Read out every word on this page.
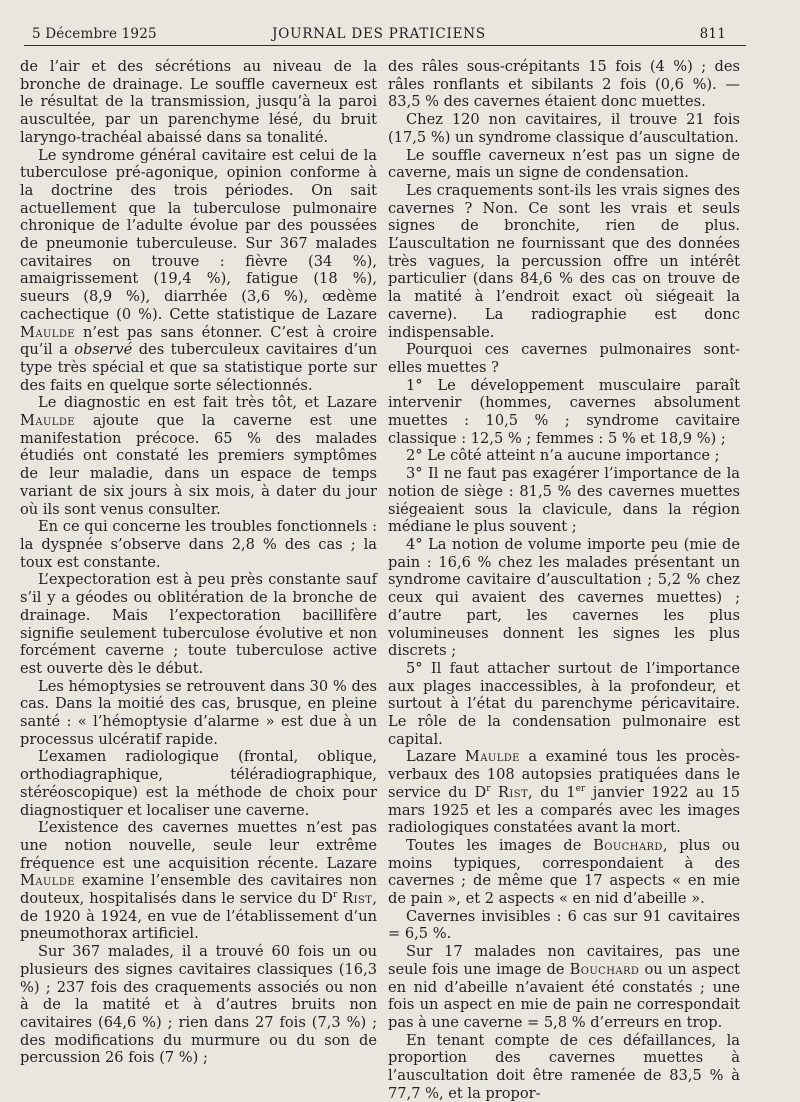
5 Décembre 1925	JOURNAL DES PRATICIENS	811

de l’air et des sécrétions au niveau de la bronche de drainage. Le souffle caverneux est le résultat de la transmission, jusqu’à la paroi auscultée, par un parenchyme lésé, du bruit laryngo-trachéal abaissé dans sa tonalité.

Le syndrome général cavitaire est celui de la tuberculose pré-agonique, opinion conforme à la doctrine des trois périodes. On sait actuellement que la tuberculose pulmonaire chronique de l’adulte évolue par des poussées de pneumonie tuberculeuse. Sur 367 malades cavitaires on trouve : fièvre (34 %), amaigrissement (19,4 %), fatigue (18 %), sueurs (8,9 %), diarrhée (3,6 %), œdème cachectique (0 %). Cette statistique de Lazare Maulde n’est pas sans étonner. C’est à croire qu’il a observé des tuberculeux cavitaires d’un type très spécial et que sa statistique porte sur des faits en quelque sorte sélectionnés.

Le diagnostic en est fait très tôt, et Lazare Maulde ajoute que la caverne est une manifestation précoce. 65 % des malades étudiés ont constaté les premiers symptômes de leur maladie, dans un espace de temps variant de six jours à six mois, à dater du jour où ils sont venus consulter.

En ce qui concerne les troubles fonctionnels : la dyspnée s’observe dans 2,8 % des cas ; la toux est constante.

L’expectoration est à peu près constante sauf s’il y a géodes ou oblitération de la bronche de drainage. Mais l’expectoration bacillifère signifie seulement tuberculose évolutive et non forcément caverne ; toute tuberculose active est ouverte dès le début.

Les hémoptysies se retrouvent dans 30 % des cas. Dans la moitié des cas, brusque, en pleine santé : « l’hémoptysie d’alarme » est due à un processus ulcératif rapide.

L’examen radiologique (frontal, oblique, orthodiagraphique, téléradiographique, stéréoscopique) est la méthode de choix pour diagnostiquer et localiser une caverne.

L’existence des cavernes muettes n’est pas une notion nouvelle, seule leur extrême fréquence est une acquisition récente. Lazare Maulde examine l’ensemble des cavitaires non douteux, hospitalisés dans le service du $D^r$ Rist, de 1920 à 1924, en vue de l’établissement d’un pneumothorax artificiel.

Sur 367 malades, il a trouvé 60 fois un ou plusieurs des signes cavitaires classiques (16,3 %) ; 237 fois des craquements associés ou non à de la matité et à d’autres bruits non cavitaires (64,6 %) ; rien dans 27 fois (7,3 %) ; des modifications du murmure ou du son de percussion 26 fois (7 %) ;

des râles sous-crépitants 15 fois (4 %) ; des râles ronflants et sibilants 2 fois (0,6 %). — 83,5 % des cavernes étaient donc muettes.

Chez 120 non cavitaires, il trouve 21 fois (17,5 %) un syndrome classique d’auscultation.

Le souffle caverneux n’est pas un signe de caverne, mais un signe de condensation.

Les craquements sont-ils les vrais signes des cavernes ? Non. Ce sont les vrais et seuls signes de bronchite, rien de plus. L’auscultation ne fournissant que des données très vagues, la percussion offre un intérêt particulier (dans 84,6 % des cas on trouve de la matité à l’endroit exact où siégeait la caverne). La radiographie est donc indispensable.

Pourquoi ces cavernes pulmonaires sont-elles muettes ?

1° Le développement musculaire paraît intervenir (hommes, cavernes absolument muettes : 10,5 % ; syndrome cavitaire classique : 12,5 % ; femmes : 5 % et 18,9 %) ;

2° Le côté atteint n’a aucune importance ;

3° Il ne faut pas exagérer l’importance de la notion de siège : 81,5 % des cavernes muettes siégeaient sous la clavicule, dans la région médiane le plus souvent ;

4° La notion de volume importe peu (mie de pain : 16,6 % chez les malades présentant un syndrome cavitaire d’auscultation ; 5,2 % chez ceux qui avaient des cavernes muettes) ; d’autre part, les cavernes les plus volumineuses donnent les signes les plus discrets ;

5° Il faut attacher surtout de l’importance aux plages inaccessibles, à la profondeur, et surtout à l’état du parenchyme péricavitaire. Le rôle de la condensation pulmonaire est capital.

Lazare Maulde a examiné tous les procès-verbaux des 108 autopsies pratiquées dans le service du $D^r$ Rist, du 1er janvier 1922 au 15 mars 1925 et les a comparés avec les images radiologiques constatées avant la mort.

Toutes les images de Bouchard, plus ou moins typiques, correspondaient à des cavernes ; de même que 17 aspects « en mie de pain », et 2 aspects « en nid d’abeille ».

Cavernes invisibles : 6 cas sur 91 cavitaires = 6,5 %.

Sur 17 malades non cavitaires, pas une seule fois une image de Bouchard ou un aspect en nid d’abeille n’avaient été constatés ; une fois un aspect en mie de pain ne correspondait pas à une caverne = 5,8 % d’erreurs en trop.

En tenant compte de ces défaillances, la proportion des cavernes muettes à l’auscultation doit être ramenée de 83,5 % à 77,7 %, et la propor-
